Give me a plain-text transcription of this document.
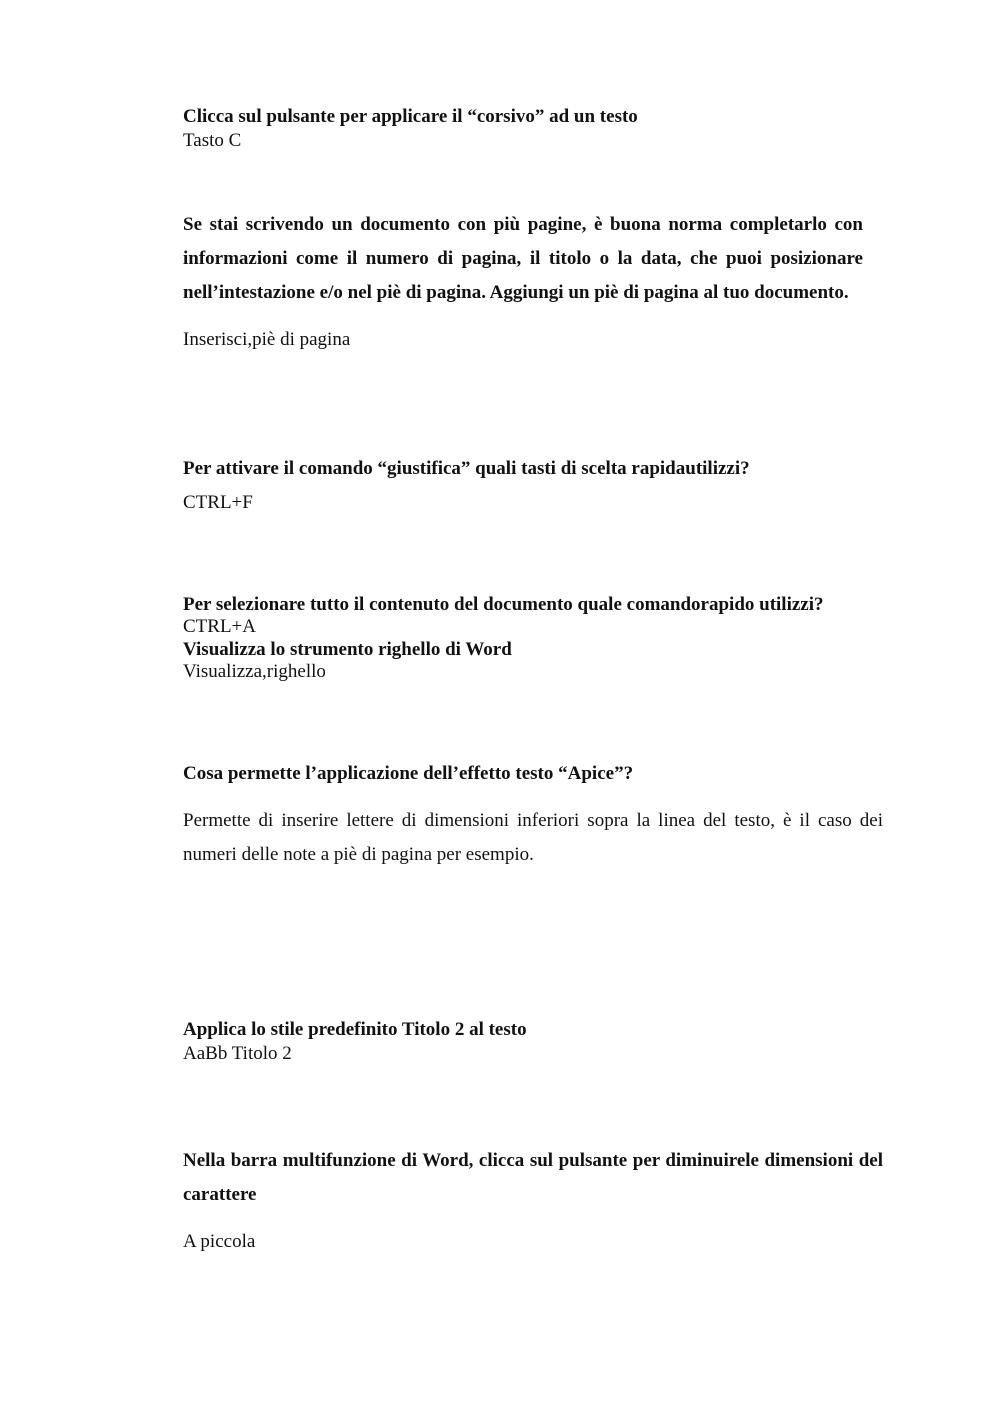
Clicca sul pulsante per applicare il “corsivo” ad un testo
Tasto C
Se stai scrivendo un documento con più pagine, è buona norma completarlo con informazioni come il numero di pagina, il titolo o la data, che puoi posizionare nell’intestazione e/o nel piè di pagina. Aggiungi un piè di pagina al tuo documento.
Inserisci,piè di pagina
Per attivare il comando “giustifica” quali tasti di scelta rapidautilizzi?
CTRL+F
Per selezionare tutto il contenuto del documento quale comandorapido utilizzi?
CTRL+A
Visualizza lo strumento righello di Word
Visualizza,righello
Cosa permette l’applicazione dell’effetto testo “Apice”?
Permette di inserire lettere di dimensioni inferiori sopra la linea del testo, è il caso dei numeri delle note a piè di pagina per esempio.
Applica lo stile predefinito Titolo 2 al testo
AaBb Titolo 2
Nella barra multifunzione di Word, clicca sul pulsante per diminuirele dimensioni del carattere
A piccola
